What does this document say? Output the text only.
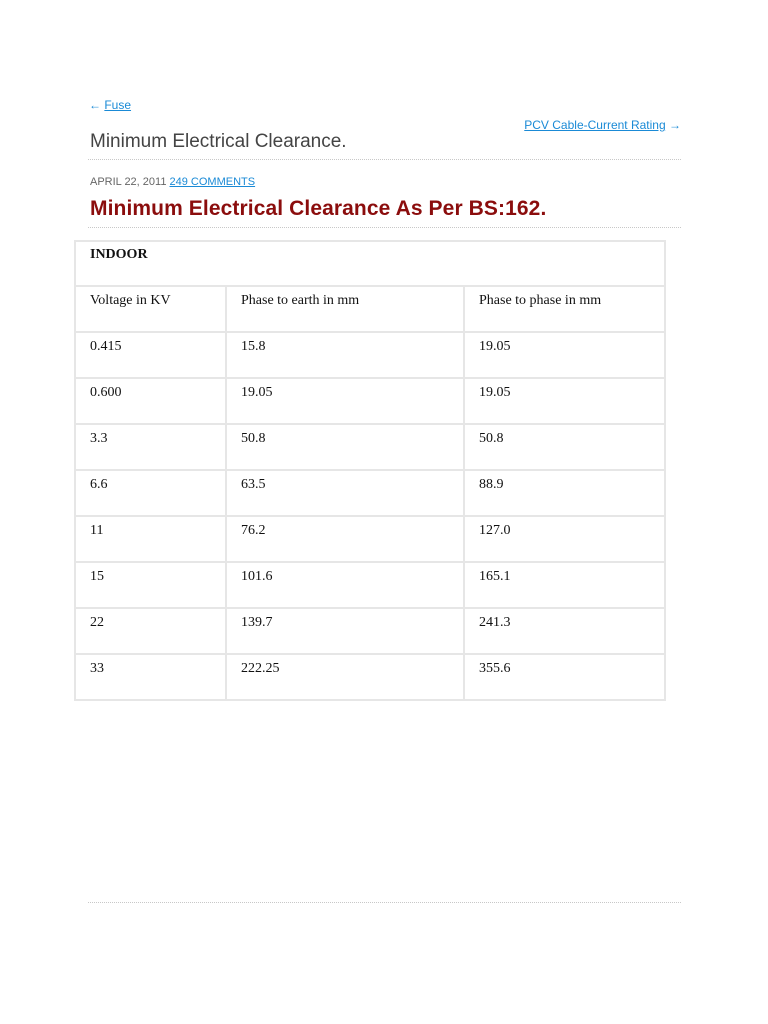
← Fuse
PCV Cable-Current Rating →
Minimum Electrical Clearance.
APRIL 22, 2011 249 COMMENTS
Minimum Electrical Clearance As Per BS:162.
INDOOR		
Voltage in KV	Phase to earth in mm	Phase to phase in mm
0.415	15.8	19.05
0.600	19.05	19.05
3.3	50.8	50.8
6.6	63.5	88.9
11	76.2	127.0
15	101.6	165.1
22	139.7	241.3
33	222.25	355.6
